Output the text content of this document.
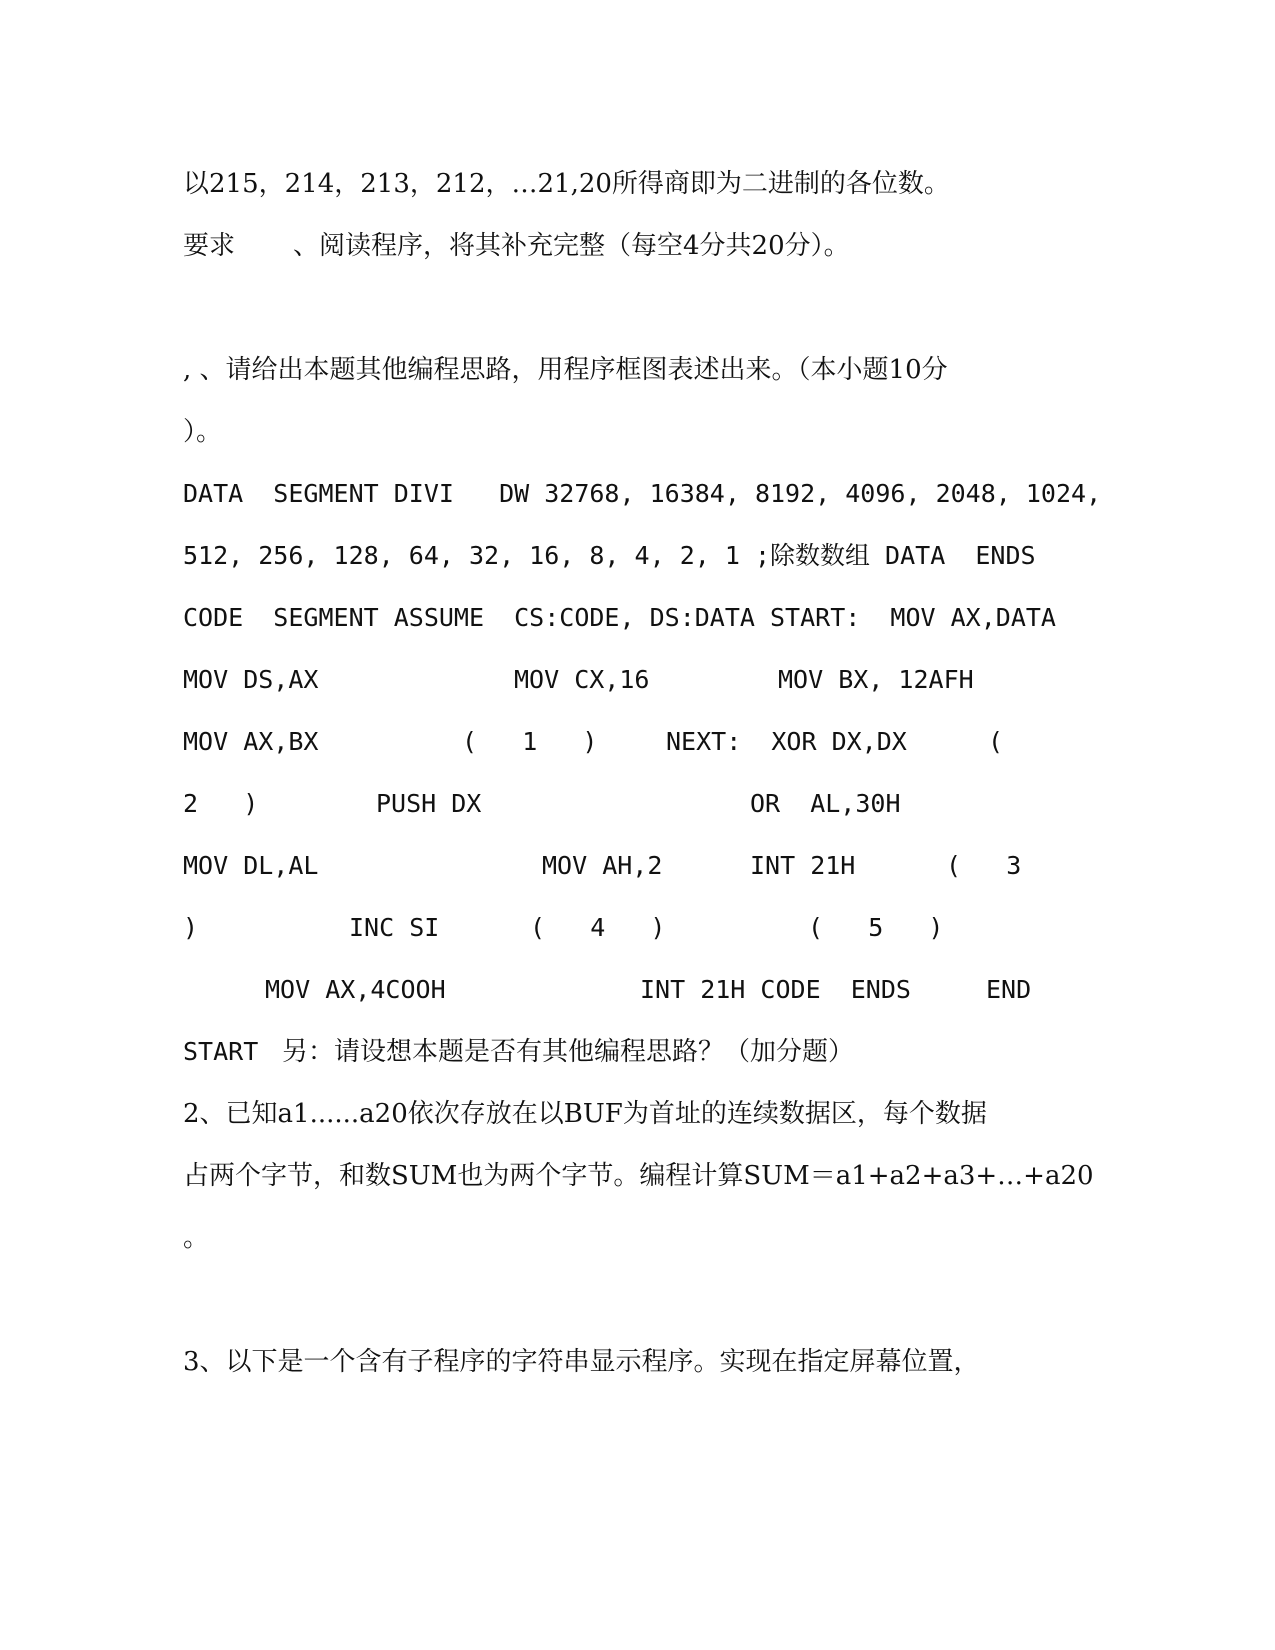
以215，214，213，212，…21,20所得商即为二进制的各位数。

要求

、阅读程序，将其补充完整（每空4分共20分）。

, 、请给出本题其他编程思路，用程序框图表述出来。（本小题10分

）。

DATA  SEGMENT DIVI   DW 32768, 16384, 8192, 4096, 2048, 1024,

512, 256, 128, 64, 32, 16, 8, 4, 2, 1 ;除数数组 DATA  ENDS

CODE  SEGMENT ASSUME  CS:CODE, DS:DATA START:  MOV AX,DATA

MOV DS,AX

	MOV CX,16

	MOV BX, 12AFH

MOV AX,BX

	(   1   )

	NEXT:  XOR DX,DX

	(

2   )

	PUSH DX

	OR  AL,30H

MOV DL,AL

	MOV AH,2

	INT 21H

	(   3

)

	INC SI

	(   4   )

	(   5   )

MOV AX,4COOH

	INT 21H CODE  ENDS

	END

START

另：请设想本题是否有其他编程思路？（加分题）

2、已知a1......a20依次存放在以BUF为首址的连续数据区，每个数据

占两个字节，和数SUM也为两个字节。编程计算SUM＝a1+a2+a3+…+a20

。

3、以下是一个含有子程序的字符串显示程序。实现在指定屏幕位置，
